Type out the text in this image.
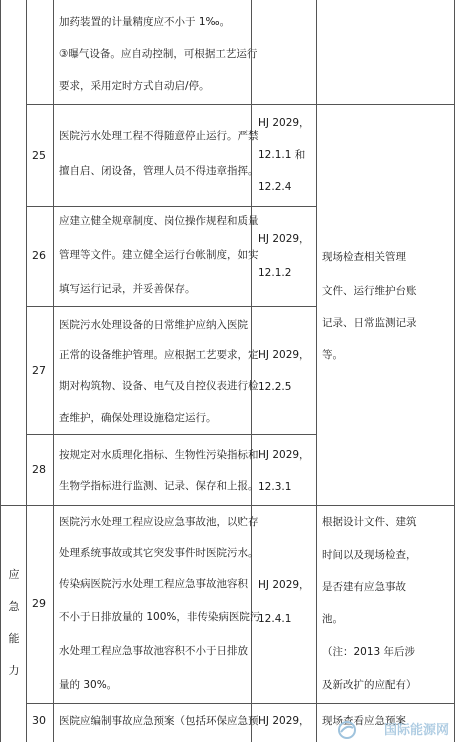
加药装置的计量精度应不小于 1‰。
③曝气设备。应自动控制，可根据工艺运行
要求，采用定时方式自动启/停。
25
医院污水处理工程不得随意停止运行。严禁
擅自启、闭设备，管理人员不得违章指挥。
HJ 2029，
12.1.1 和
12.2.4
26
应建立健全规章制度、岗位操作规程和质量
管理等文件。建立健全运行台帐制度，如实
填写运行记录，并妥善保存。
HJ 2029，
12.1.2
27
医院污水处理设备的日常维护应纳入医院
正常的设备维护管理。应根据工艺要求，定
期对构筑物、设备、电气及自控仪表进行检
查维护，确保处理设施稳定运行。
HJ 2029，
12.2.5
现场检查相关管理
文件、运行维护台账
记录、日常监测记录
等。
28
按规定对水质理化指标、生物性污染指标和
生物学指标进行监测、记录、保存和上报。
HJ 2029，
12.3.1
应
急
能
力
29
医院污水处理工程应设应急事故池，以贮存
处理系统事故或其它突发事件时医院污水。
传染病医院污水处理工程应急事故池容积
不小于日排放量的 100%，非传染病医院污
水处理工程应急事故池容积不小于日排放
量的 30%。
HJ 2029，
12.4.1
根据设计文件、建筑
时间以及现场检查，
是否建有应急事故
池。
（注：2013 年后涉
及新改扩的应配有）
30	医院应编制事故应急预案（包括环保应急预 HJ 2029， 现场查看应急预案
国际能源网
